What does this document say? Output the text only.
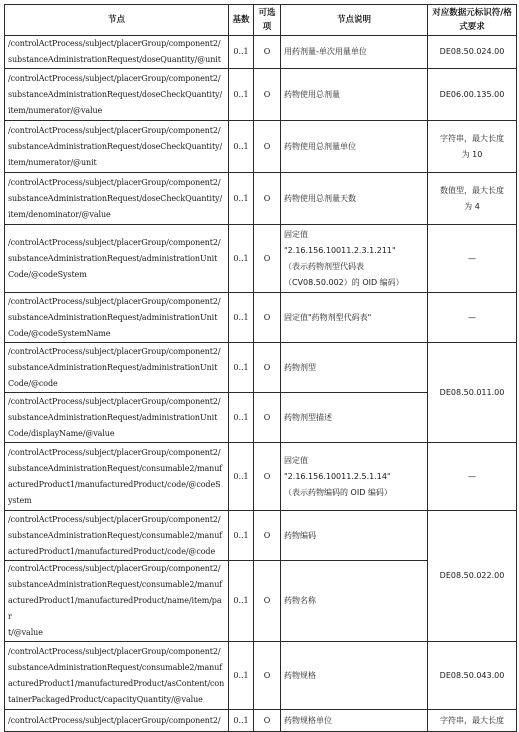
节点	基数	可选项	节点说明	对应数据元标识符/格式要求

/controlActProcess/subject/placerGroup/component2/
substanceAdministrationRequest/doseQuantity/@unit	0..1	O	用药剂量-单次用量单位	DE08.50.024.00

/controlActProcess/subject/placerGroup/component2/
substanceAdministrationRequest/doseCheckQuantity/
item/numerator/@value	0..1	O	药物使用总剂量	DE06.00.135.00

/controlActProcess/subject/placerGroup/component2/
substanceAdministrationRequest/doseCheckQuantity/
item/numerator/@unit	0..1	O	药物使用总剂量单位	字符串，最大长度
为 10

/controlActProcess/subject/placerGroup/component2/
substanceAdministrationRequest/doseCheckQuantity/
item/denominator/@value	0..1	O	药物使用总剂量天数	数值型，最大长度
为 4

/controlActProcess/subject/placerGroup/component2/
substanceAdministrationRequest/administrationUnit
Code/@codeSystem	0..1	O	固定值
"2.16.156.10011.2.3.1.211"
（表示药物剂型代码表
（CV08.50.002）的 OID 编码）	—

/controlActProcess/subject/placerGroup/component2/
substanceAdministrationRequest/administrationUnit
Code/@codeSystemName	0..1	O	固定值"药物剂型代码表"	—

/controlActProcess/subject/placerGroup/component2/
substanceAdministrationRequest/administrationUnit
Code/@code	0..1	O	药物剂型	DE08.50.011.00

/controlActProcess/subject/placerGroup/component2/
substanceAdministrationRequest/administrationUnit
Code/displayName/@value	0..1	O	药物剂型描述	

/controlActProcess/subject/placerGroup/component2/
substanceAdministrationRequest/consumable2/manuf
acturedProduct1/manufacturedProduct/code/@codeS
ystem	0..1	O	固定值
"2.16.156.10011.2.5.1.14"
（表示药物编码的 OID 编码）	—

/controlActProcess/subject/placerGroup/component2/
substanceAdministrationRequest/consumable2/manuf
acturedProduct1/manufacturedProduct/code/@code	0..1	O	药物编码	DE08.50.022.00

/controlActProcess/subject/placerGroup/component2/
substanceAdministrationRequest/consumable2/manuf
acturedProduct1/manufacturedProduct/name/item/par
t/@value	0..1	O	药物名称	

/controlActProcess/subject/placerGroup/component2/
substanceAdministrationRequest/consumable2/manuf
acturedProduct1/manufacturedProduct/asContent/con
tainerPackagedProduct/capacityQuantity/@value	0..1	O	药物规格	DE08.50.043.00

/controlActProcess/subject/placerGroup/component2/	0..1	O	药物规格单位	字符串，最大长度
